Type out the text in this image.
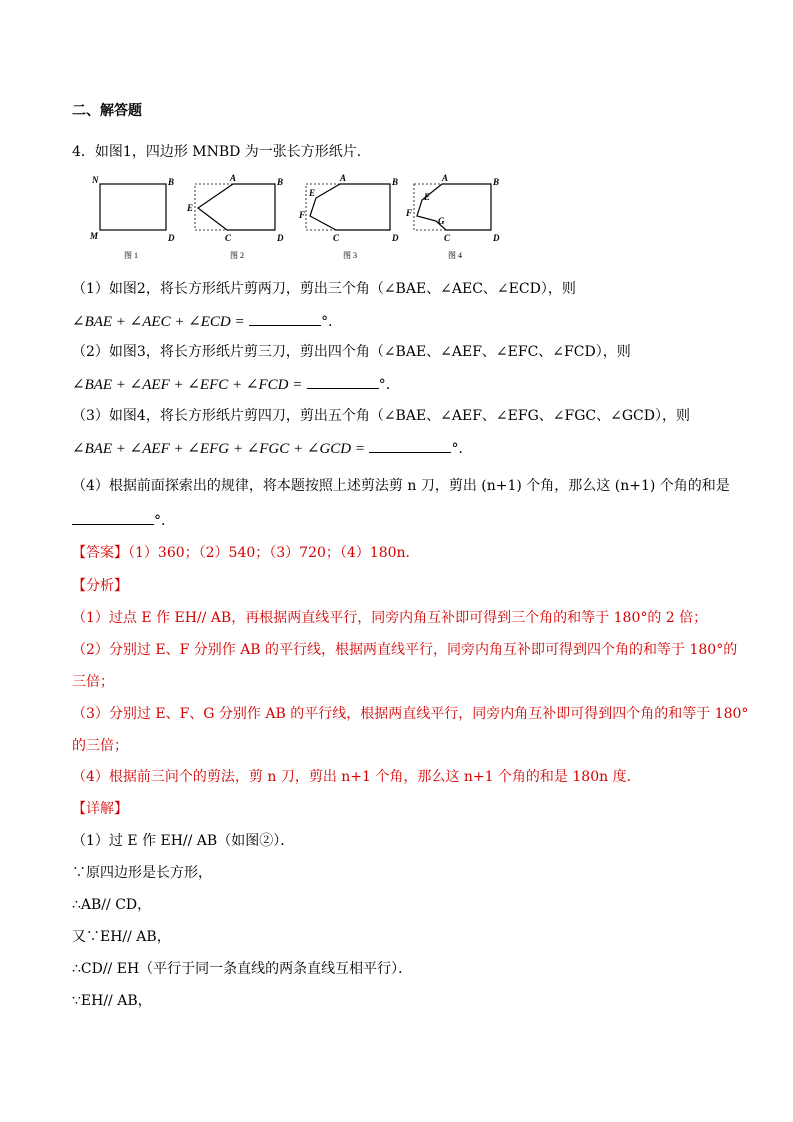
二、解答题
4．如图1，四边形 MNBD 为一张长方形纸片．
N	B
M	D
图 1
A	B
E
C	D
图 2
E
A	B
F
C	D
图 3
A	B
E
F
G
C	D
图 4
（1）如图2，将长方形纸片剪两刀，剪出三个角（∠BAE、∠AEC、∠ECD），则
∠BAE + ∠AEC + ∠ECD =	°．
（2）如图3，将长方形纸片剪三刀，剪出四个角（∠BAE、∠AEF、∠EFC、∠FCD），则
∠BAE + ∠AEF + ∠EFC + ∠FCD =	°．
（3）如图4，将长方形纸片剪四刀，剪出五个角（∠BAE、∠AEF、∠EFG、∠FGC、∠GCD），则
∠BAE + ∠AEF + ∠EFG + ∠FGC + ∠GCD =	°．
（4）根据前面探索出的规律，将本题按照上述剪法剪 n 刀，剪出 (n+1) 个角，那么这 (n+1) 个角的和是
°．
【答案】（1）360；（2）540；（3）720；（4）180n．
【分析】
（1）过点 E 作 EH// AB，再根据两直线平行，同旁内角互补即可得到三个角的和等于 180°的 2 倍；
（2）分别过 E、F 分别作 AB 的平行线，根据两直线平行，同旁内角互补即可得到四个角的和等于 180°的
三倍；
（3）分别过 E、F、G 分别作 AB 的平行线，根据两直线平行，同旁内角互补即可得到四个角的和等于 180°
的三倍；
（4）根据前三问个的剪法，剪 n 刀，剪出 n+1 个角，那么这 n+1 个角的和是 180n 度．
【详解】
（1）过 E 作 EH// AB（如图②）．
∵原四边形是长方形，
∴AB// CD，
又∵EH// AB，
∴CD// EH（平行于同一条直线的两条直线互相平行）．
∵EH// AB，
